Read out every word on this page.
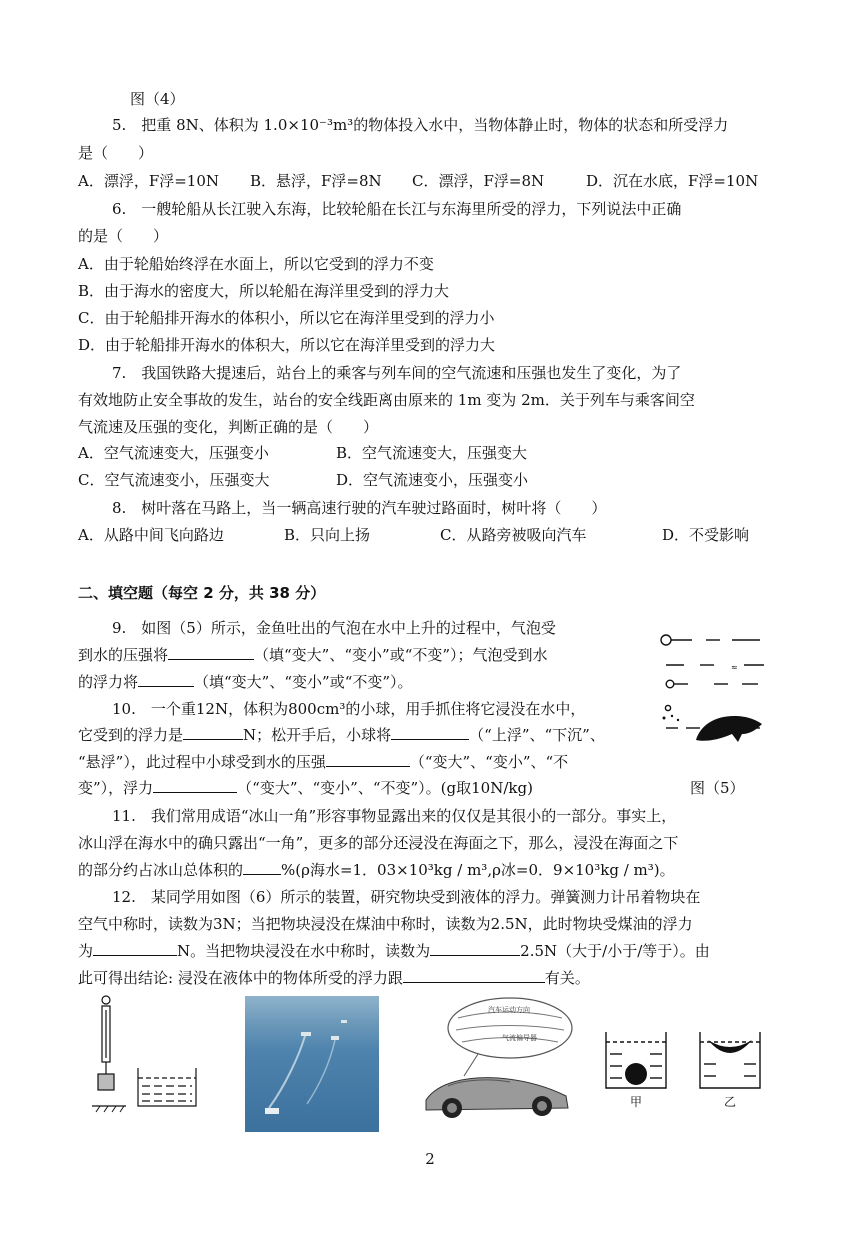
图（4）
5.　把重 8N、体积为 1.0×10⁻³m³的物体投入水中，当物体静止时，物体的状态和所受浮力
是（　　）
A．漂浮，F浮=10N B．悬浮，F浮=8N C．漂浮，F浮=8N	D．沉在水底，F浮=10N
6.　一艘轮船从长江驶入东海，比较轮船在长江与东海里所受的浮力，下列说法中正确
的是（　　）
A．由于轮船始终浮在水面上，所以它受到的浮力不变
B．由于海水的密度大，所以轮船在海洋里受到的浮力大
C．由于轮船排开海水的体积小，所以它在海洋里受到的浮力小
D．由于轮船排开海水的体积大，所以它在海洋里受到的浮力大
7.　我国铁路大提速后，站台上的乘客与列车间的空气流速和压强也发生了变化，为了
有效地防止安全事故的发生，站台的安全线距离由原来的 1m 变为 2m．关于列车与乘客间空
气流速及压强的变化，判断正确的是（　　）
A．空气流速变大，压强变小	B．空气流速变大，压强变大
C．空气流速变小，压强变大	D．空气流速变小，压强变小
8.　树叶落在马路上，当一辆高速行驶的汽车驶过路面时，树叶将（　　）
A．从路中间飞向路边	B．只向上扬	C．从路旁被吸向汽车	D．不受影响
二、填空题（每空 2 分，共 38 分）
9.　如图（5）所示，金鱼吐出的气泡在水中上升的过程中，气泡受
到水的压强将	（填“变大”、“变小”或“不变”）；气泡受到水
的浮力将	（填“变大”、“变小”或“不变”）。
10.　一个重12N，体积为800cm³的小球，用手抓住将它浸没在水中，
它受到的浮力是	N；松开手后，小球将	（“上浮”、“下沉”、
“悬浮”），此过程中小球受到水的压强	（“变大”、“变小”、“不
变”），浮力	（“变大”、“变小”、“不变”）。(g取10N/kg)
≈
图（5）
11.　我们常用成语“冰山一角”形容事物显露出来的仅仅是其很小的一部分。事实上，
冰山浮在海水中的确只露出“一角”，更多的部分还浸没在海面之下，那么，浸没在海面之下
的部分约占冰山总体积的	%(ρ海水=1．03×10³kg / m³,ρ冰=0．9×10³kg / m³)。
12.　某同学用如图（6）所示的装置，研究物块受到液体的浮力。弹簧测力计吊着物块在
空气中称时，读数为3N；当把物块浸没在煤油中称时，读数为2.5N，此时物块受煤油的浮力
为	N。当把物块浸没在水中称时，读数为	2.5N（大于/小于/等于）。由
此可得出结论: 浸没在液体中的物体所受的浮力跟	有关。
汽车运动方向
气流偏导器
甲	乙
2
